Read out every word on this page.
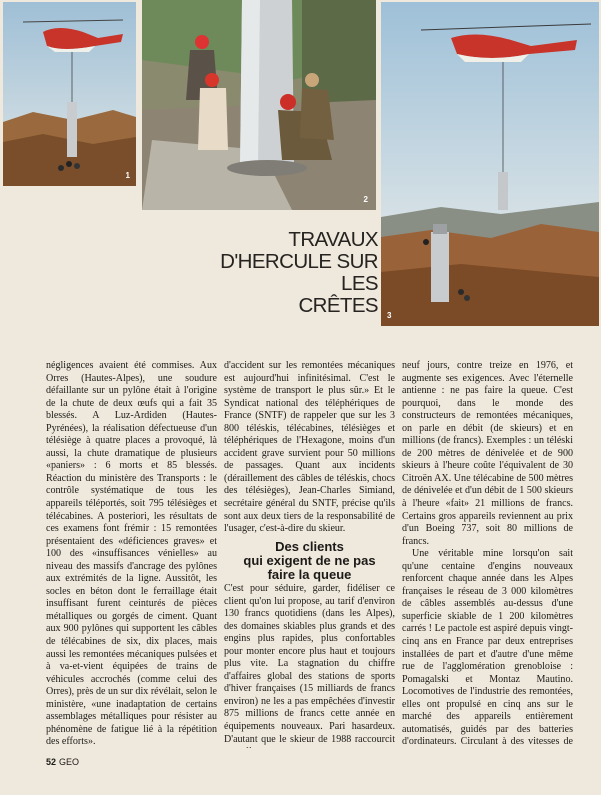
1
2
3
TRAVAUX
D'HERCULE SUR LES
CRÊTES

négligences avaient été commises. Aux Orres (Hautes-Alpes), une soudure défaillante sur un pylône était à l'origine de la chute de deux œufs qui a fait 35 blessés. A Luz-Ardiden (Hautes-Pyrénées), la réalisation défectueuse d'un télésiège à quatre places a provoqué, là aussi, la chute dramatique de plusieurs «paniers» : 6 morts et 85 blessés. Réaction du ministère des Transports : le contrôle systématique de tous les appareils téléportés, soit 795 télésièges et télécabines. A posteriori, les résultats de ces examens font frémir : 15 remontées présentaient des «déficiences graves» et 100 des «insuffisances vénielles» au niveau des massifs d'ancrage des pylônes aux extrémités de la ligne. Aussitôt, les socles en béton dont le ferraillage était insuffisant furent ceinturés de pièces métalliques ou gorgés de ciment. Quant aux 900 pylônes qui supportent les câbles de télécabines de six, dix places, mais aussi les remontées mécaniques pulsées et à va-et-vient équipées de trains de véhicules accrochés (comme celui des Orres), près de un sur dix révélait, selon le ministère, «une inadaptation de certains assemblages métalliques pour résister au phénomène de fatigue lié à la répétition des efforts».

d'accident sur les remontées mécaniques est aujourd'hui infinitésimal. C'est le système de transport le plus sûr.» Et le Syndicat national des téléphériques de France (SNTF) de rappeler que sur les 3 800 téléskis, télécabines, télésièges et téléphériques de l'Hexagone, moins d'un accident grave survient pour 50 millions de passages. Quant aux incidents (déraillement des câbles de téléskis, chocs des télésièges), Jean-Charles Simiand, secrétaire général du SNTF, précise qu'ils sont aux deux tiers de la responsabilité de l'usager, c'est-à-dire du skieur.

Des clients
qui exigent de ne pas
faire la queue

C'est pour séduire, garder, fidéliser ce client qu'on lui propose, au tarif d'environ 130 francs quotidiens (dans les Alpes), des domaines skiables plus grands et des engins plus rapides, plus confortables pour monter encore plus haut et toujours plus vite. La stagnation du chiffre d'affaires global des stations de sports d'hiver françaises (15 milliards de francs environ) ne les a pas empêchées d'investir 875 millions de francs cette année en équipements nouveaux. Pari hasardeux. D'autant que le skieur de 1988 raccourcit

neuf jours, contre treize en 1976, et augmente ses exigences. Avec l'éternelle antienne : ne pas faire la queue. C'est pourquoi, dans le monde des constructeurs de remontées mécaniques, on parle en débit (de skieurs) et en millions (de francs). Exemples : un téléski de 200 mètres de dénivelée et de 900 skieurs à l'heure coûte l'équivalent de 30 Citroën AX. Une télécabine de 500 mètres de dénivelée et d'un débit de 1 500 skieurs à l'heure «fait» 21 millions de francs. Certains gros appareils reviennent au prix d'un Boeing 737, soit 80 millions de francs.

Une véritable mine lorsqu'on sait qu'une centaine d'engins nouveaux renforcent chaque année dans les Alpes françaises le réseau de 3 000 kilomètres de câbles assemblés au-dessus d'une superficie skiable de 1 200 kilomètres carrés ! Le pactole est aspiré depuis vingt-cinq ans en France par deux entreprises installées de part et d'autre d'une même rue de l'agglomération grenobloise : Pomagalski et Montaz Mautino. Locomotives de l'industrie des remontées, elles ont propulsé en cinq ans sur le marché des appareils entièrement automatisés, guidés par des batteries d'ordinateurs. Circulant à des vitesses de

52 GEO
